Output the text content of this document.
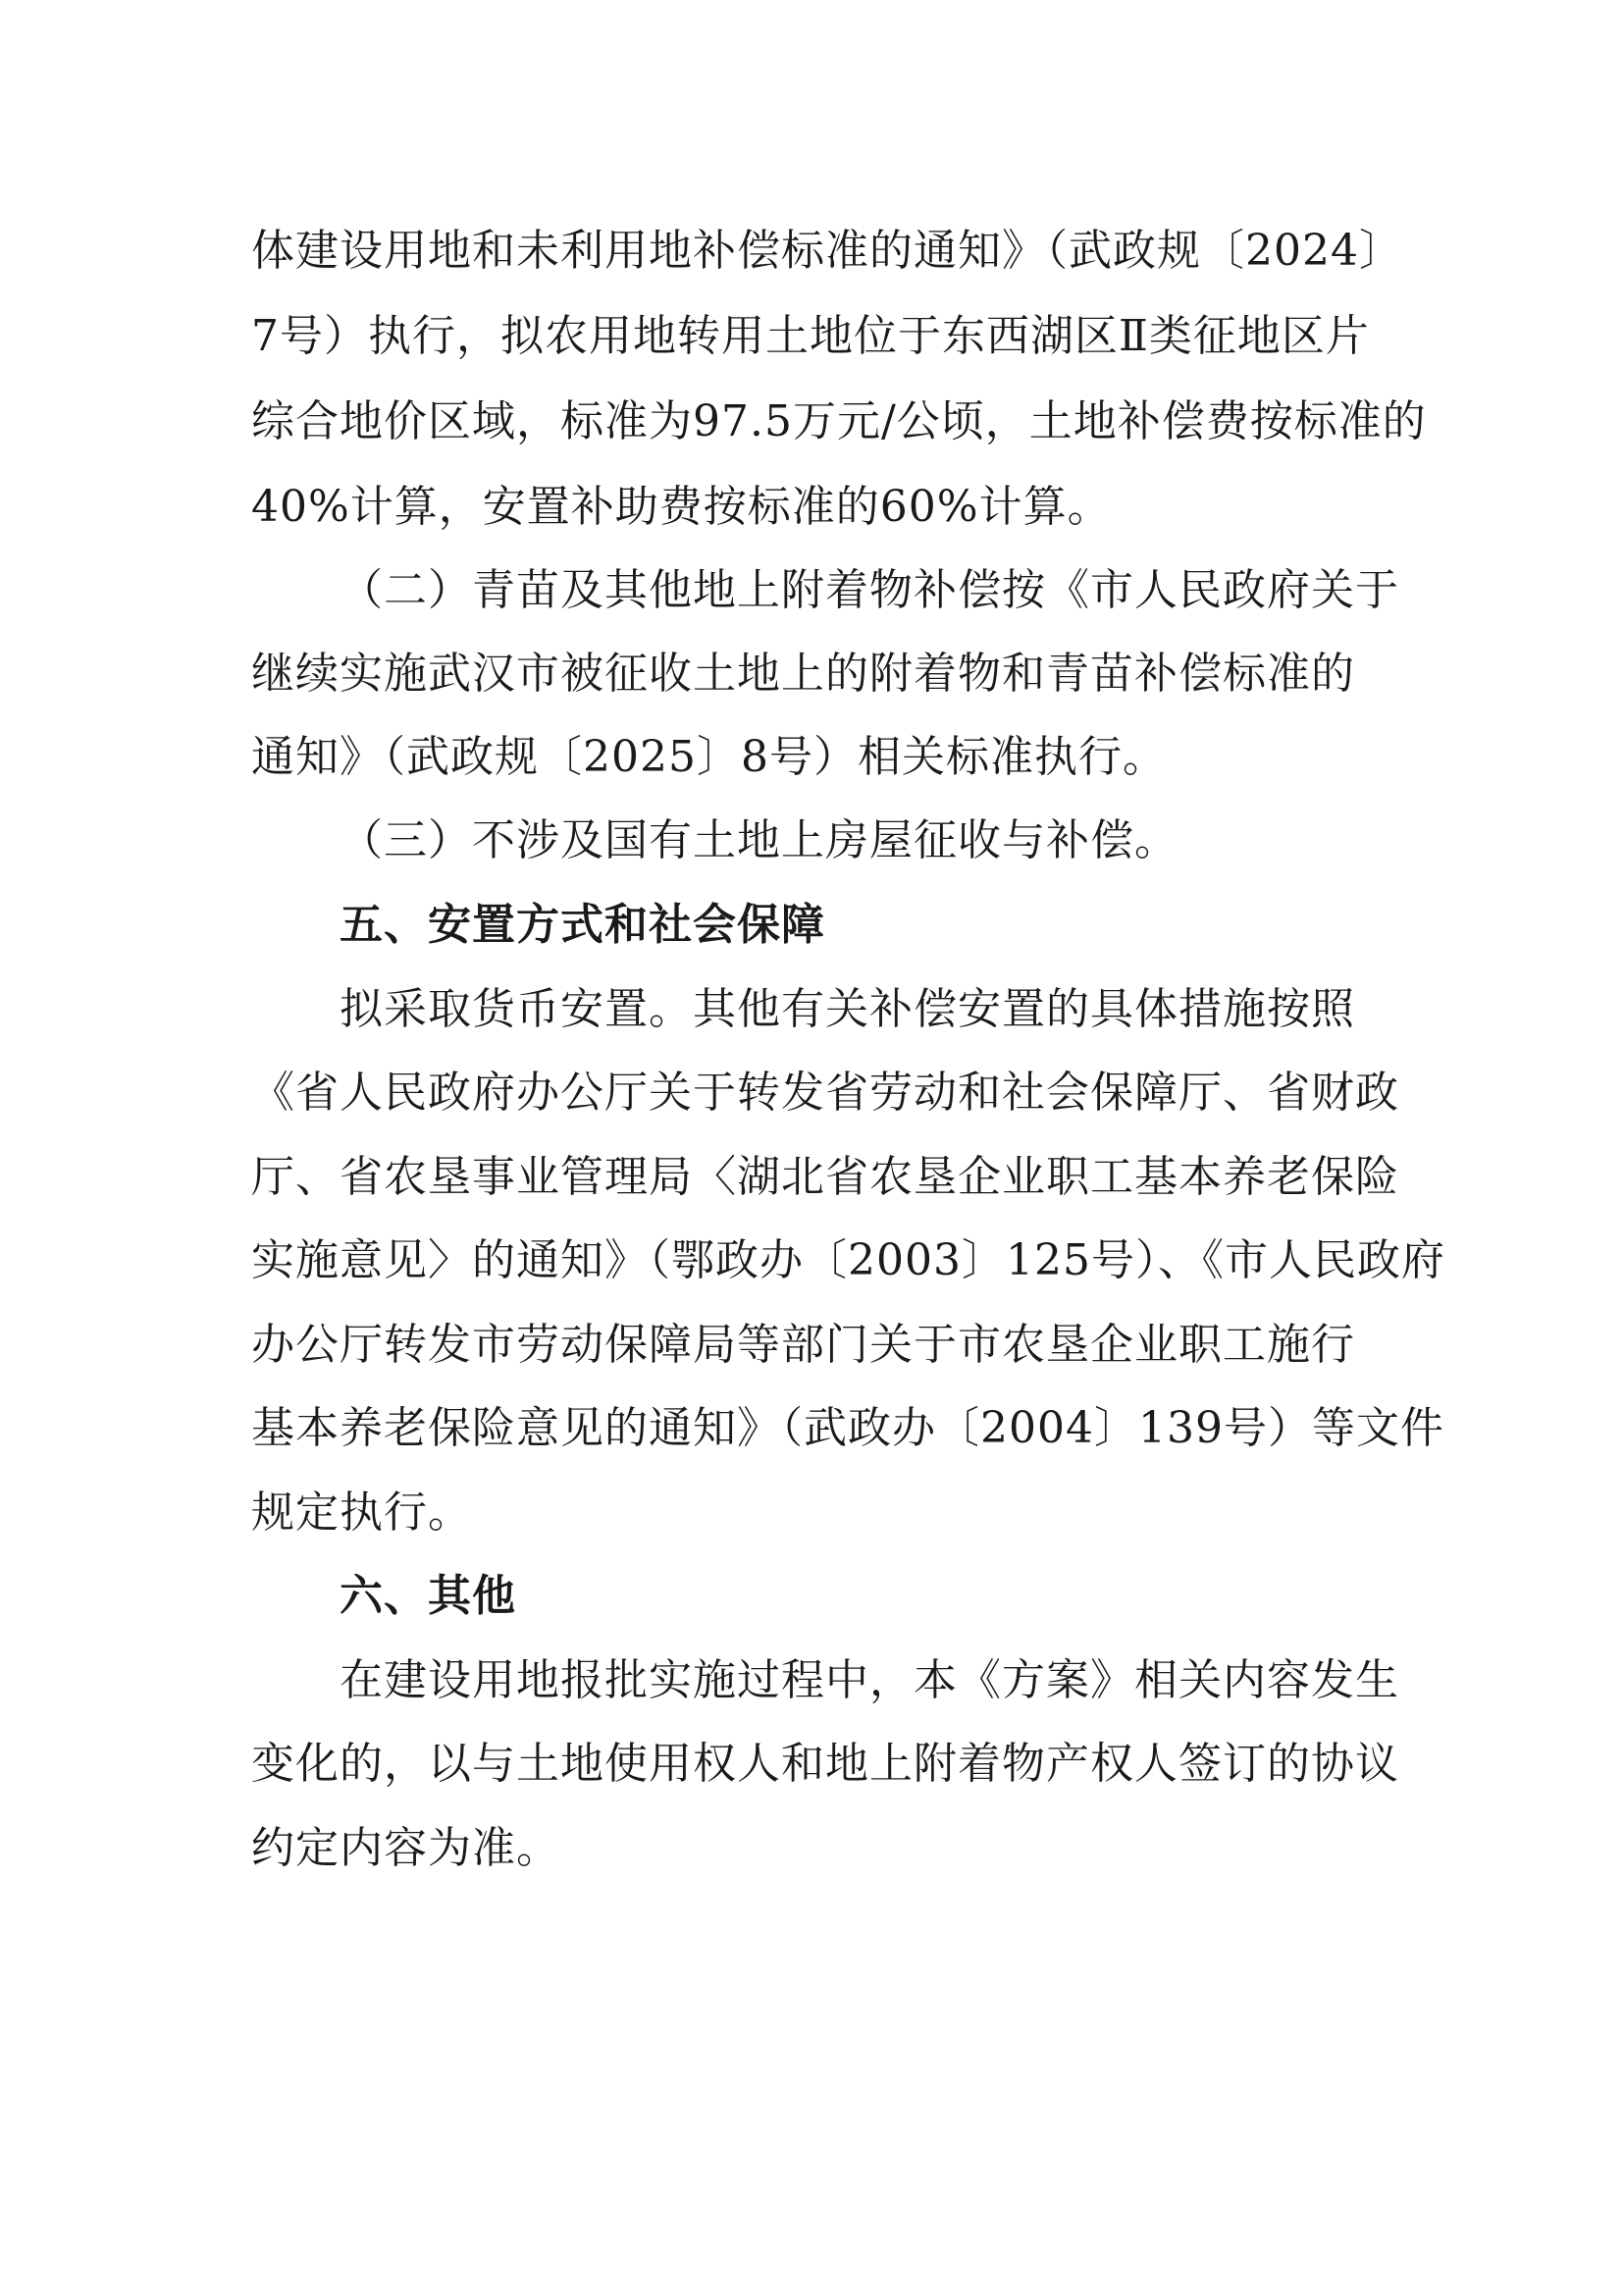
体建设用地和未利用地补偿标准的通知》（武政规〔2024〕

7号）执行，拟农用地转用土地位于东西湖区Ⅱ类征地区片

综合地价区域，标准为97.5万元/公顷，土地补偿费按标准的

40%计算，安置补助费按标准的60%计算。

（二）青苗及其他地上附着物补偿按《市人民政府关于

继续实施武汉市被征收土地上的附着物和青苗补偿标准的

通知》（武政规〔2025〕8号）相关标准执行。

（三）不涉及国有土地上房屋征收与补偿。

五、安置方式和社会保障

拟采取货币安置。其他有关补偿安置的具体措施按照

《省人民政府办公厅关于转发省劳动和社会保障厅、省财政

厅、省农垦事业管理局〈湖北省农垦企业职工基本养老保险

实施意见〉的通知》（鄂政办〔2003〕125号）、《市人民政府

办公厅转发市劳动保障局等部门关于市农垦企业职工施行

基本养老保险意见的通知》（武政办〔2004〕139号）等文件

规定执行。

六、其他

在建设用地报批实施过程中，本《方案》相关内容发生

变化的，以与土地使用权人和地上附着物产权人签订的协议

约定内容为准。
